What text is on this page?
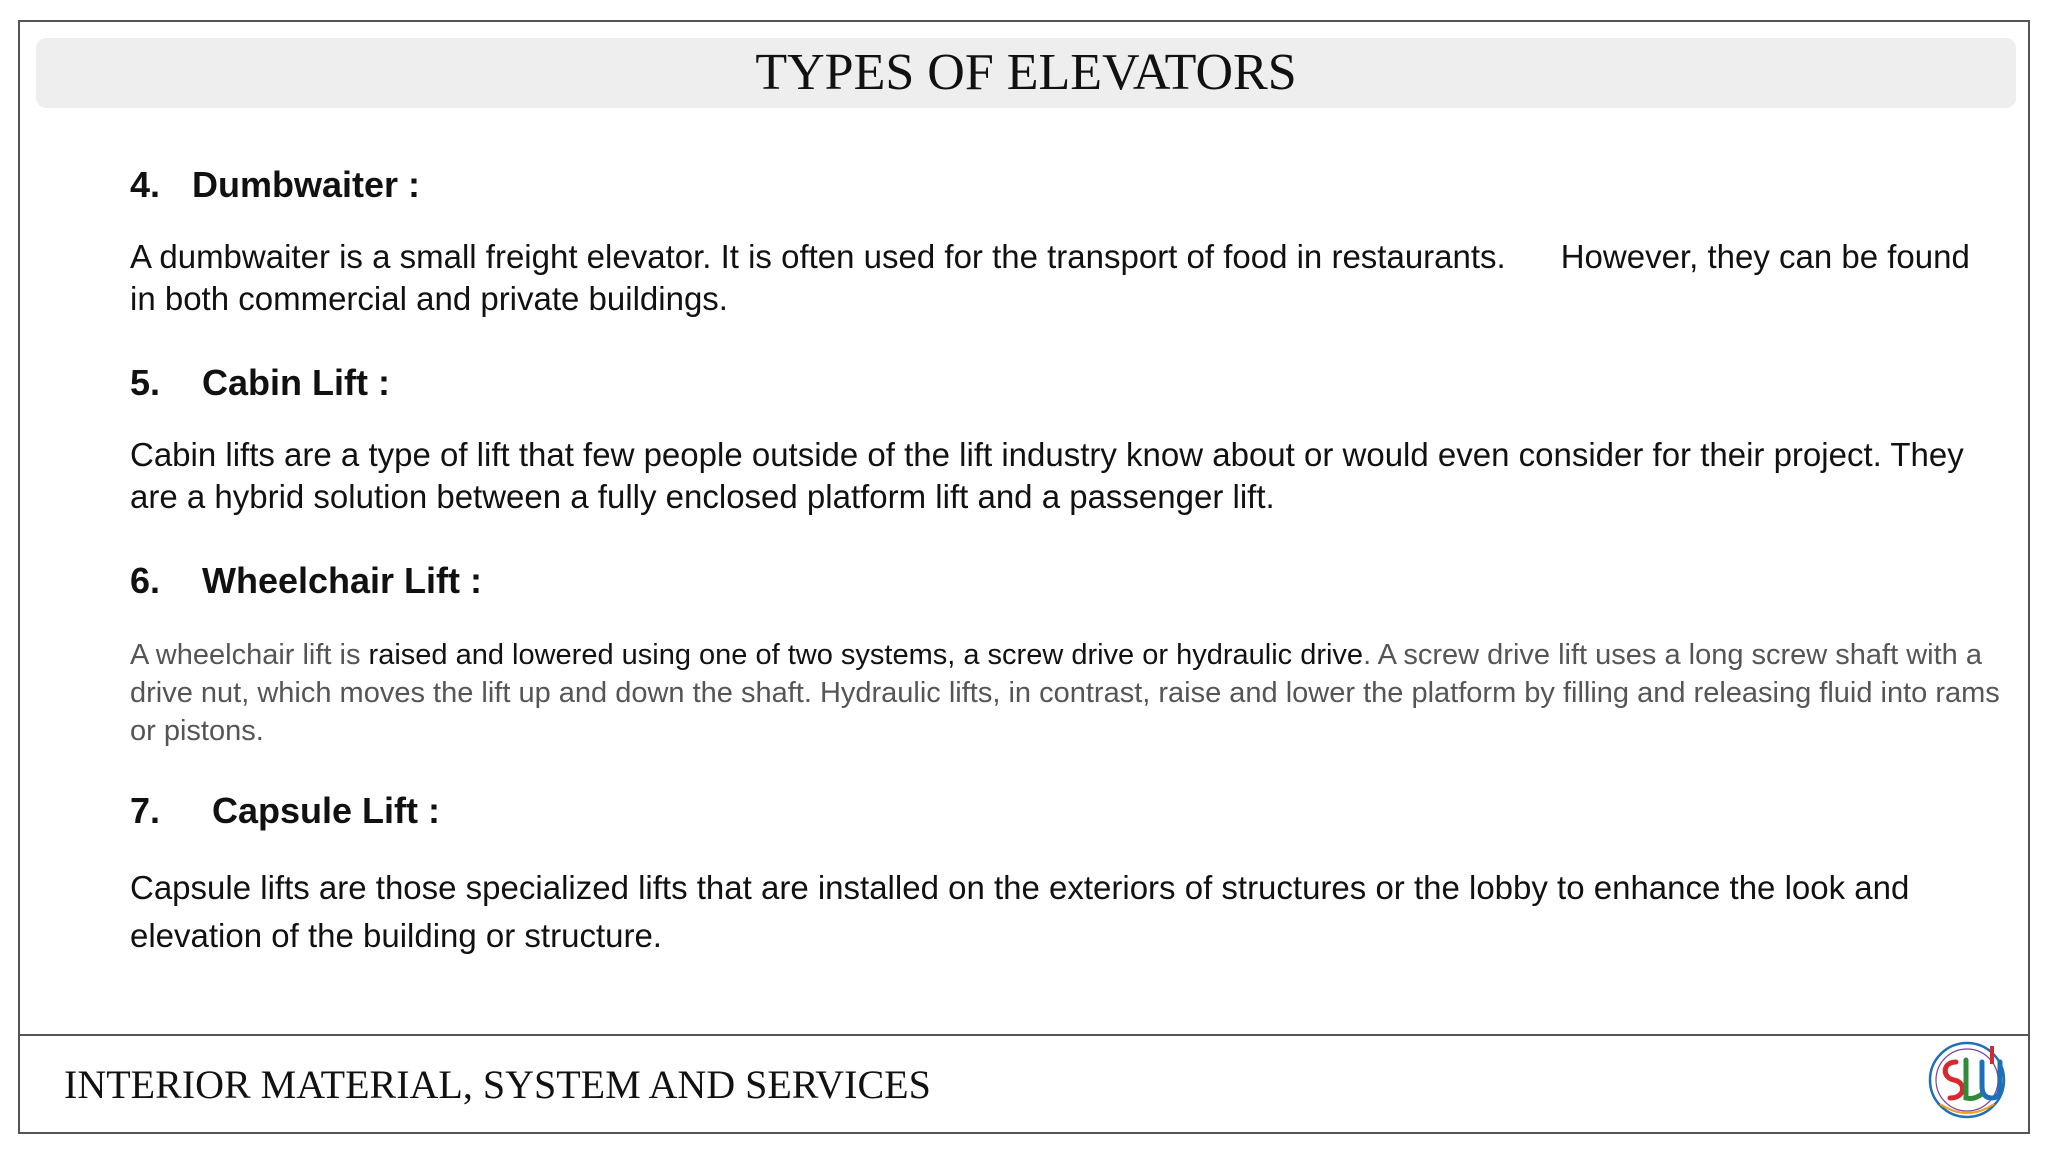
TYPES OF ELEVATORS
4. Dumbwaiter :

A dumbwaiter is a small freight elevator. It is often used for the transport of food in restaurants.      However, they can be found in both commercial and private buildings.

5. Cabin Lift :

Cabin lifts are a type of lift that few people outside of the lift industry know about or would even consider for their project. They are a hybrid solution between a fully enclosed platform lift and a passenger lift.

6. Wheelchair Lift :

A wheelchair lift is raised and lowered using one of two systems, a screw drive or hydraulic drive. A screw drive lift uses a long screw shaft with a drive nut, which moves the lift up and down the shaft. Hydraulic lifts, in contrast, raise and lower the platform by filling and releasing fluid into rams or pistons.

7. Capsule Lift :

Capsule lifts are those specialized lifts that are installed on the exteriors of structures or the lobby to enhance the look and elevation of the building or structure.

INTERIOR MATERIAL, SYSTEM AND SERVICES
